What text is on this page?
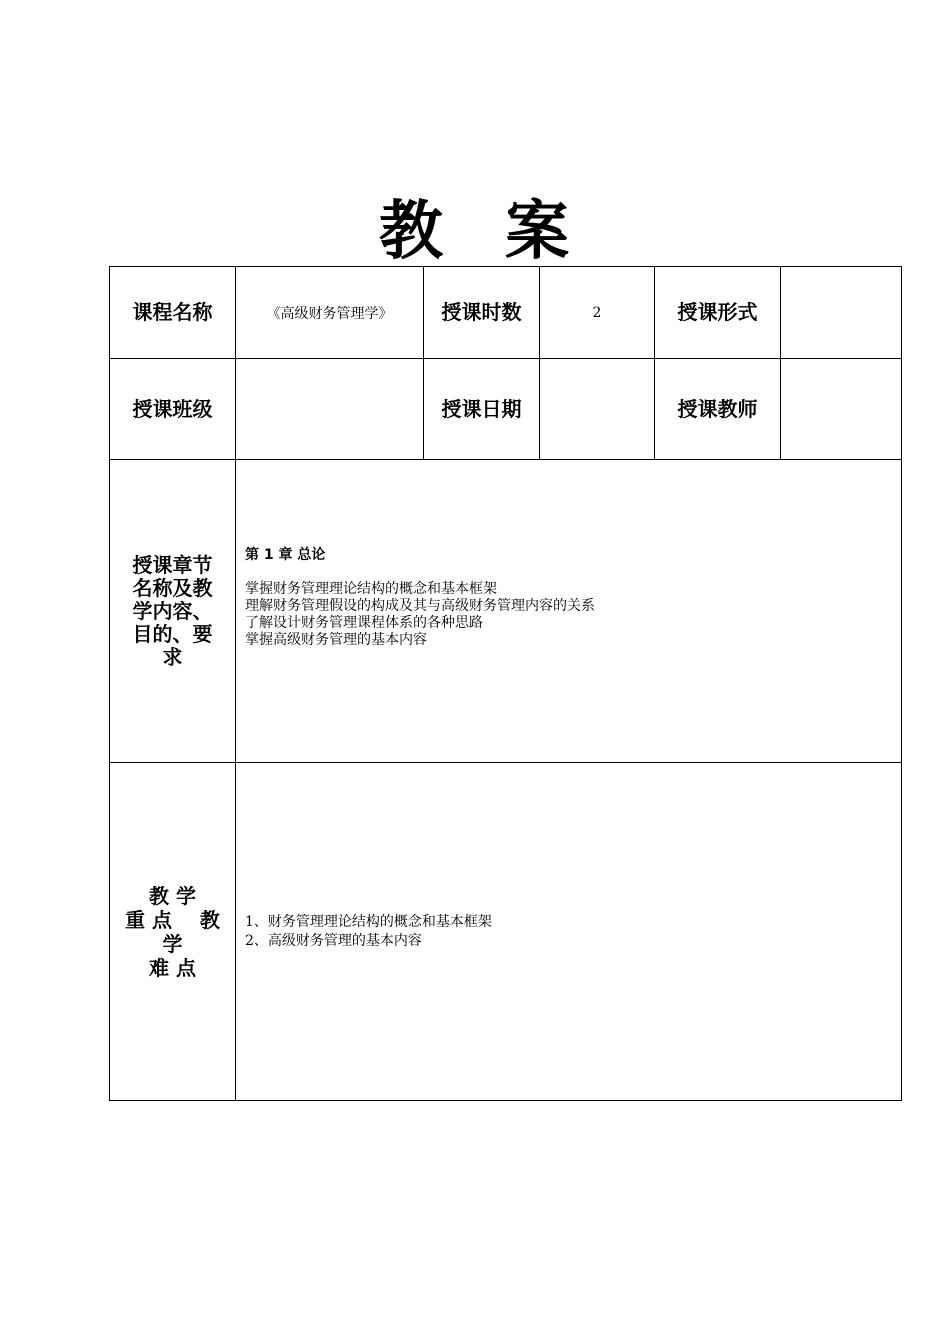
教案
课程名称	《高级财务管理学》	授课时数	2	授课形式	
授课班级		授课日期		授课教师	

授课章节
名称及教
学内容、
目的、要
求	第 1 章 总论
掌握财务管理理论结构的概念和基本框架
理解财务管理假设的构成及其与高级财务管理内容的关系
了解设计财务管理课程体系的各种思路
掌握高级财务管理的基本内容				

教 学
重 点    教
学
难 点	1、财务管理理论结构的概念和基本框架
2、高级财务管理的基本内容				
